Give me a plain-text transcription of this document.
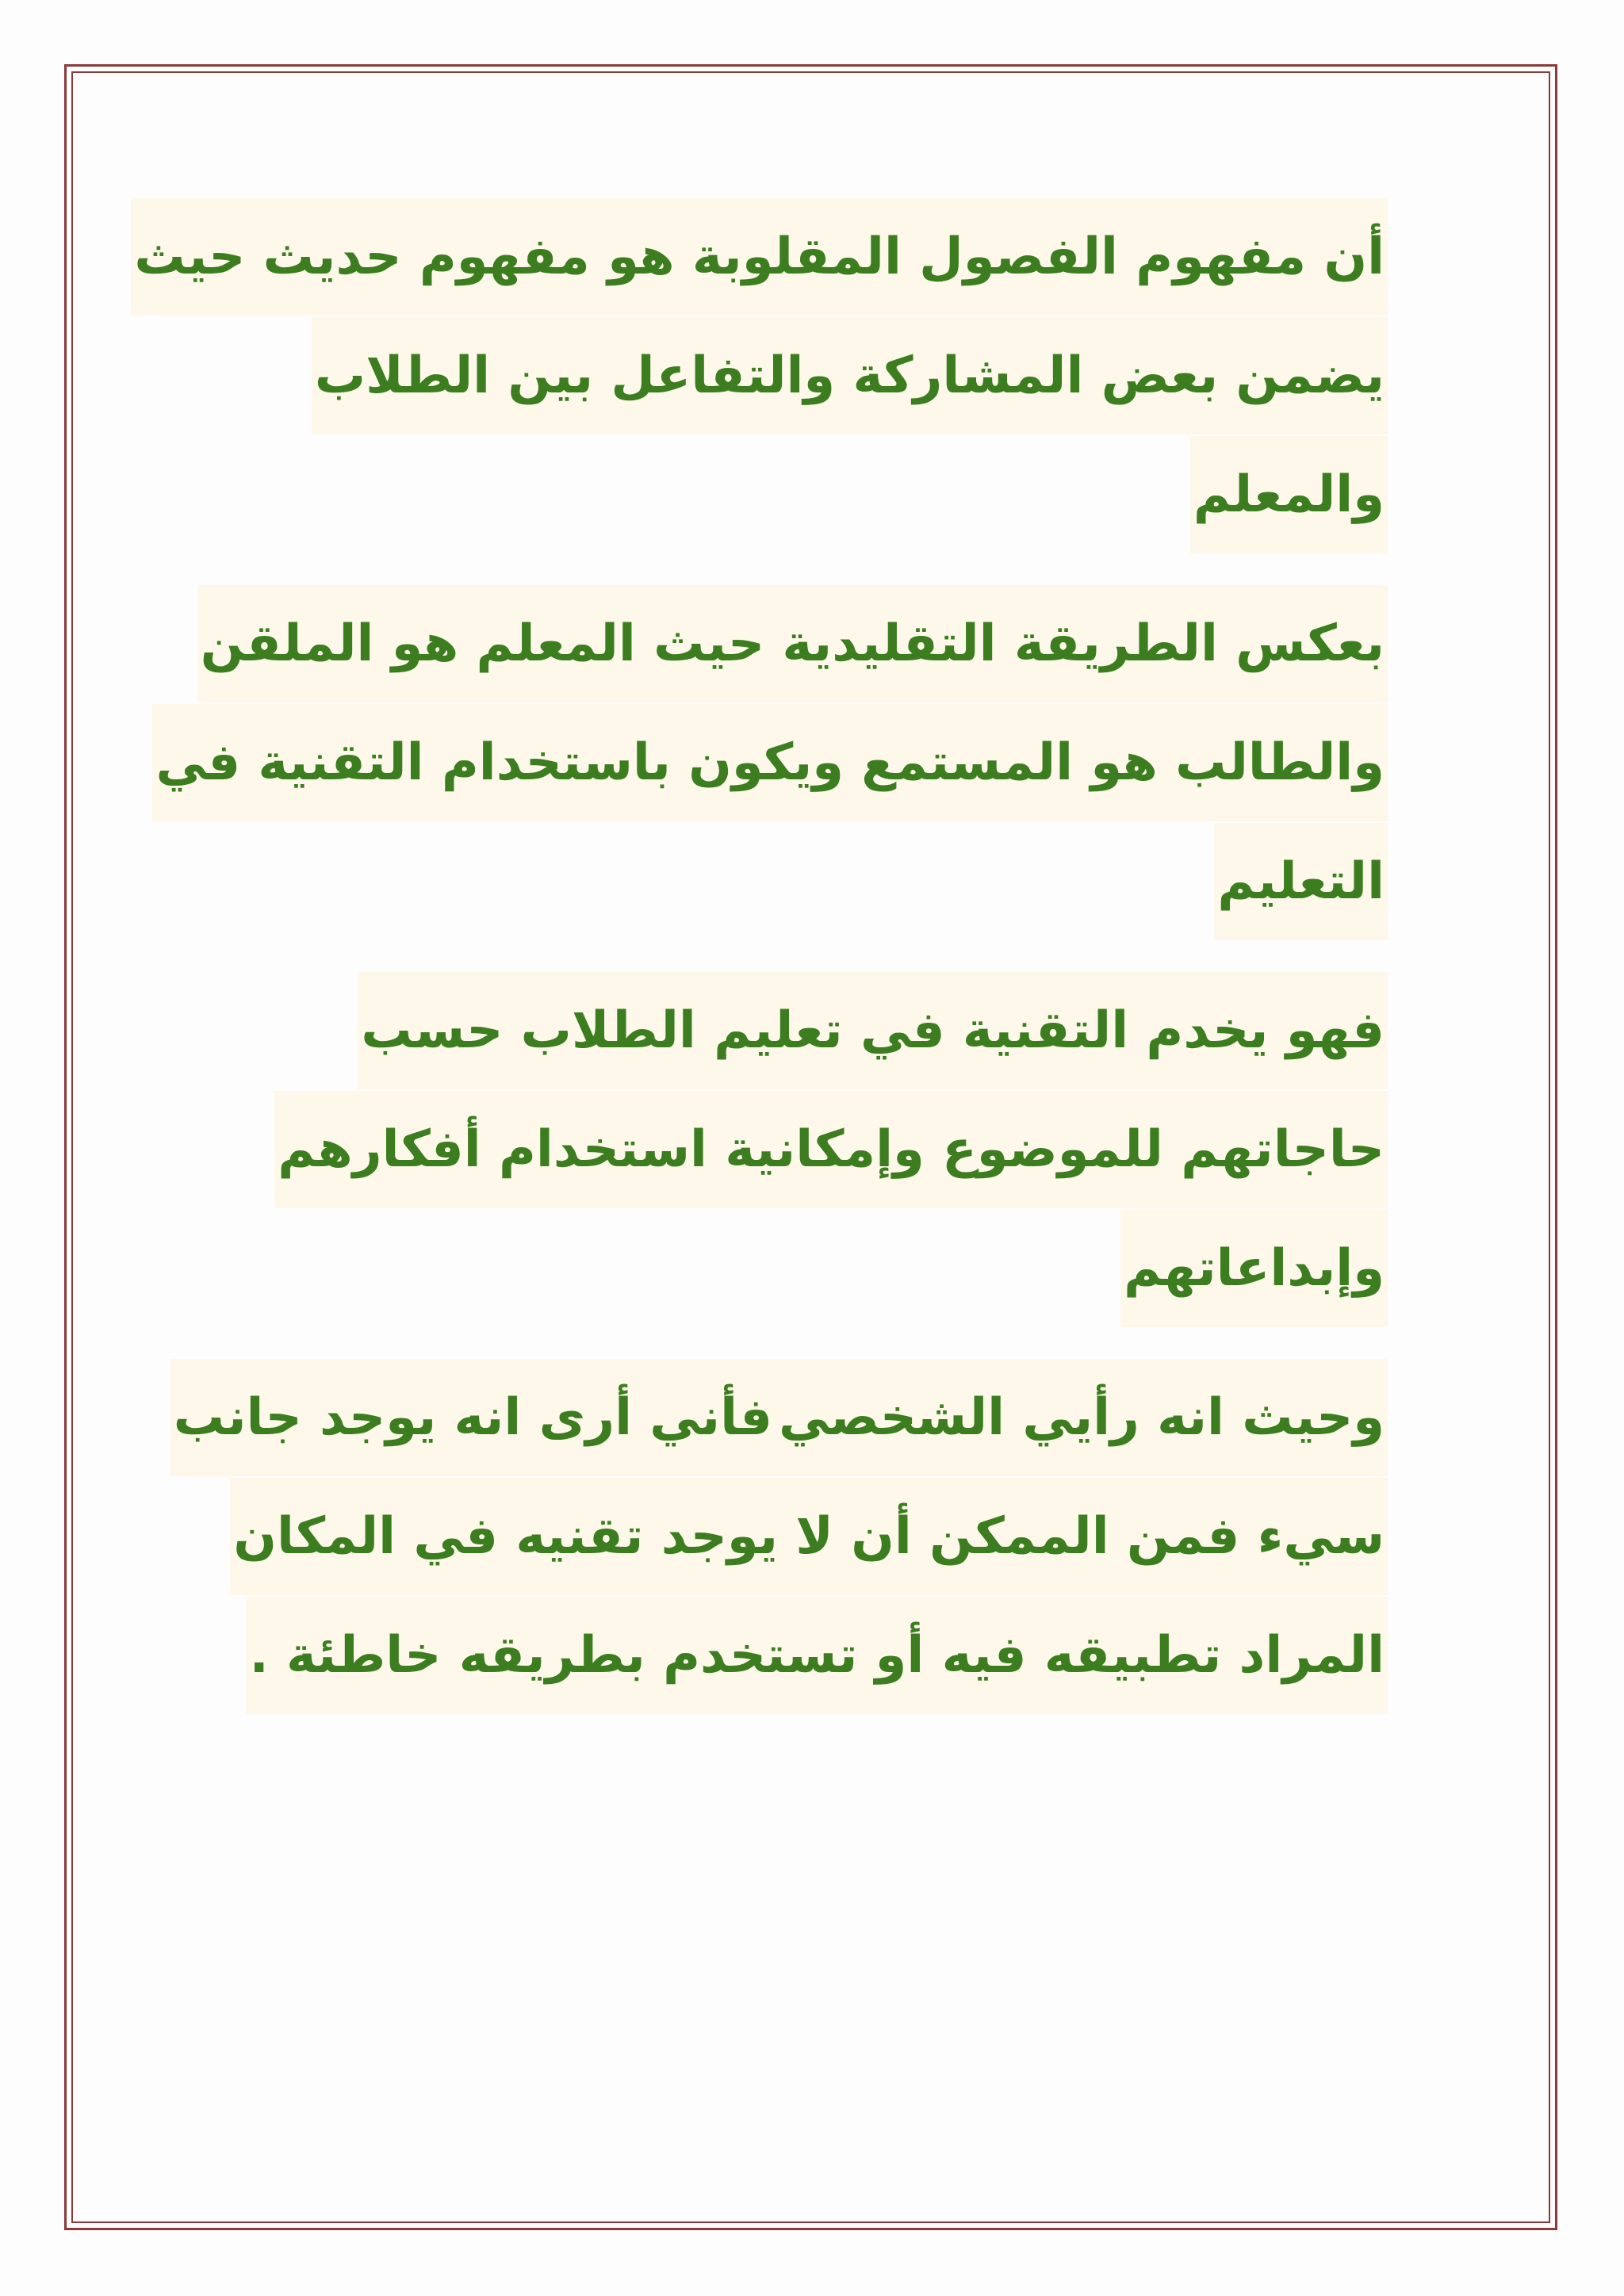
أن مفهوم الفصول المقلوبة هو مفهوم حديث حيث
يضمن بعض المشاركة والتفاعل بين الطلاب
والمعلم
بعكس الطريقة التقليدية حيث المعلم هو الملقن
والطالب هو المستمع ويكون باستخدام التقنية في
التعليم
فهو يخدم التقنية في تعليم الطلاب حسب
حاجاتهم للموضوع وإمكانية استخدام أفكارهم
وإبداعاتهم
وحيث انه رأيي الشخصي
فأني أرى انه يوجد جانب
سيء فمن الممكن أن لا يوجد تقنيه في المكان
المراد تطبيقه فيه أو تستخدم بطريقه خاطئة .
